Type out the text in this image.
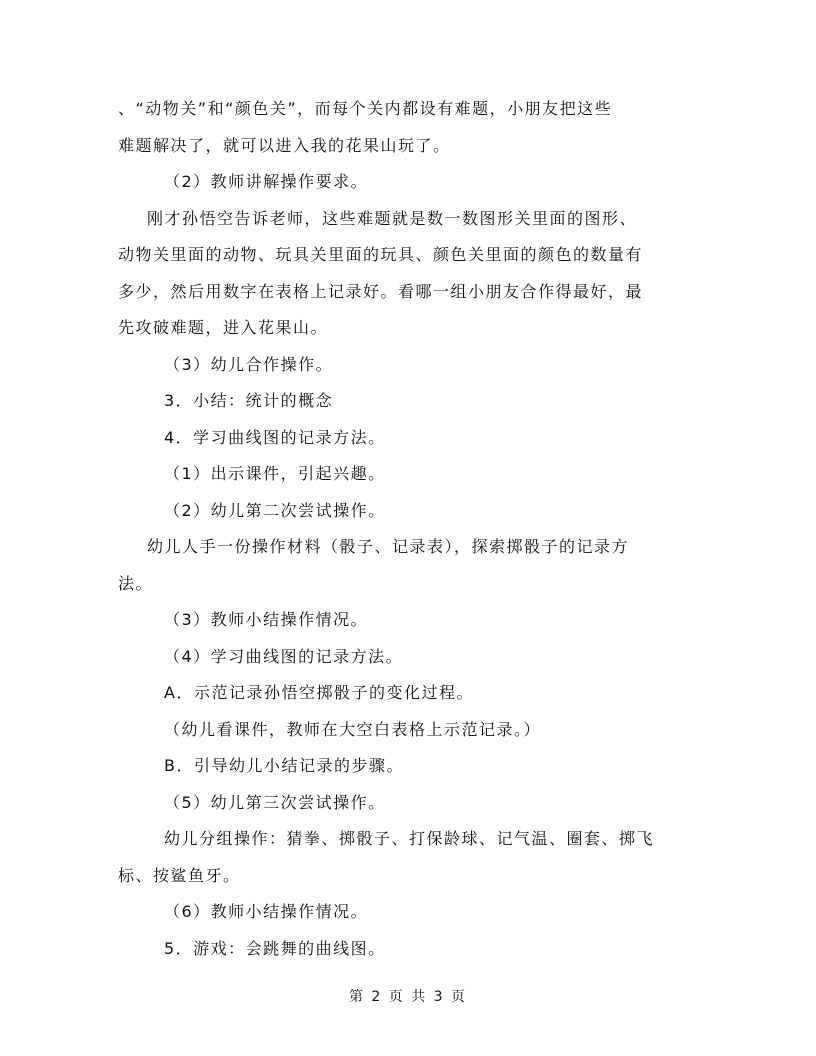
、“动物关”和“颜色关”，而每个关内都设有难题，小朋友把这些
难题解决了，就可以进入我的花果山玩了。
（2）教师讲解操作要求。
刚才孙悟空告诉老师，这些难题就是数一数图形关里面的图形、
动物关里面的动物、玩具关里面的玩具、颜色关里面的颜色的数量有
多少，然后用数字在表格上记录好。看哪一组小朋友合作得最好，最
先攻破难题，进入花果山。
（3）幼儿合作操作。
3．小结：统计的概念
4．学习曲线图的记录方法。
（1）出示课件，引起兴趣。
（2）幼儿第二次尝试操作。
幼儿人手一份操作材料（骰子、记录表），探索掷骰子的记录方
法。
（3）教师小结操作情况。
（4）学习曲线图的记录方法。
A．示范记录孙悟空掷骰子的变化过程。
（幼儿看课件，教师在大空白表格上示范记录。）
B．引导幼儿小结记录的步骤。
（5）幼儿第三次尝试操作。
幼儿分组操作：猜拳、掷骰子、打保龄球、记气温、圈套、掷飞
标、按鲨鱼牙。
（6）教师小结操作情况。
5．游戏：会跳舞的曲线图。
第 2 页 共 3 页
